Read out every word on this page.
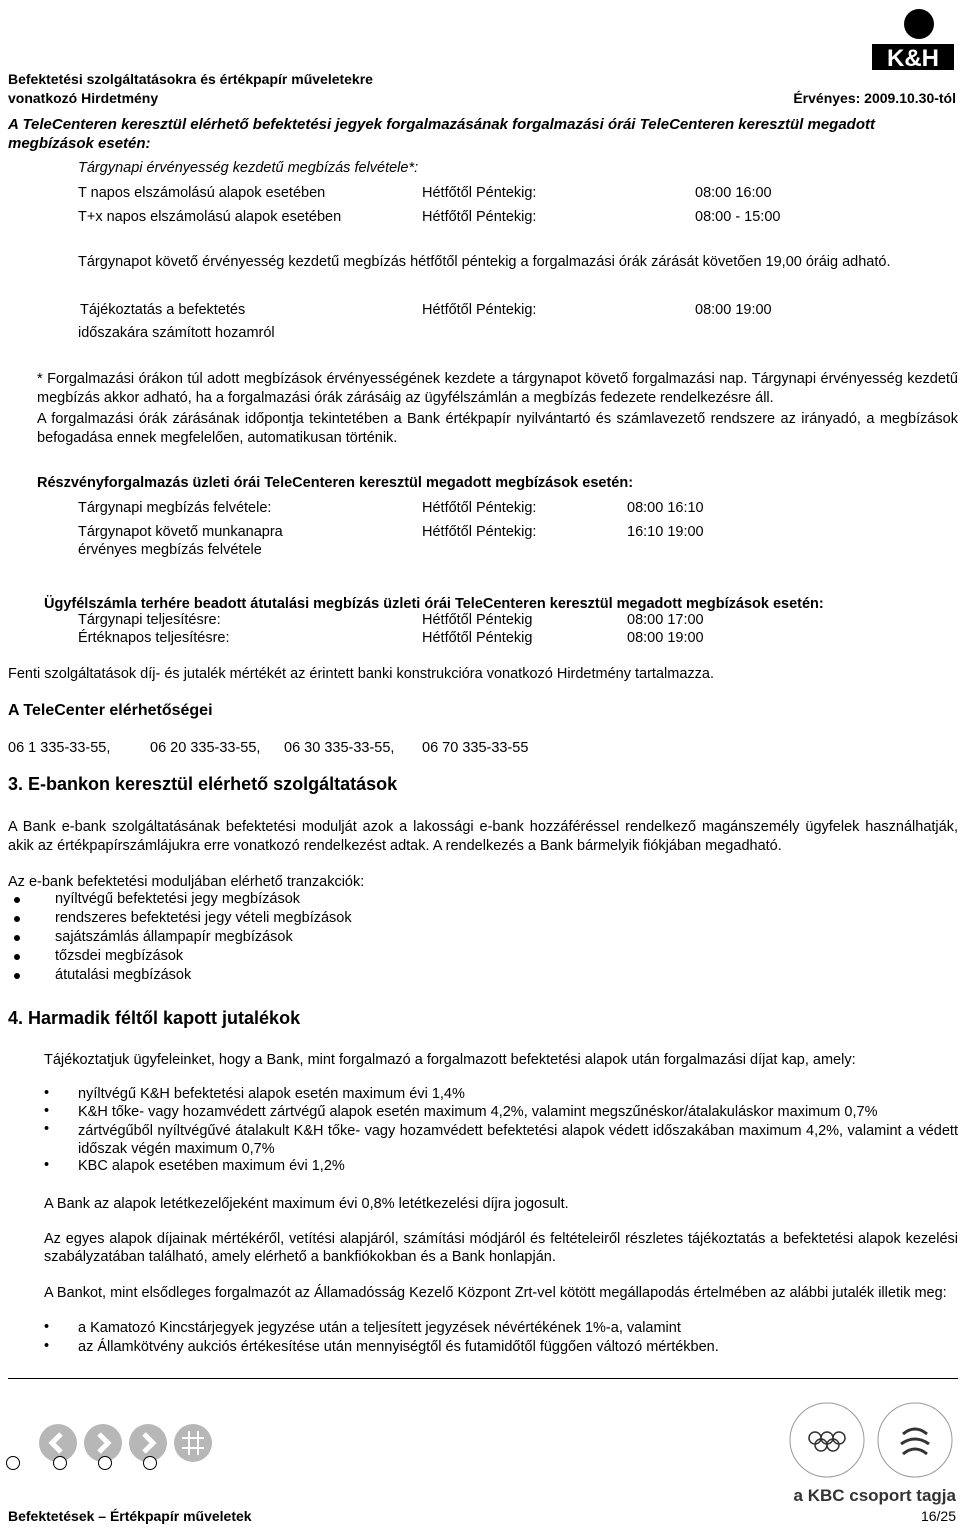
Befektetési szolgáltatásokra és értékpapír műveletekre
vonatkozó Hirdetmény	Érvényes: 2009.10.30-tól
K&H
A TeleCenteren keresztül elérhető befektetési jegyek forgalmazásának forgalmazási órái TeleCenteren keresztül megadott
megbízások esetén:
Tárgynapi érvényesség kezdetű megbízás felvétele*:
T napos elszámolású alapok esetében	Hétfőtől Péntekig:	08:00 16:00
T+x napos elszámolású alapok esetében	Hétfőtől Péntekig:	08:00 - 15:00
Tárgynapot követő érvényesség kezdetű megbízás hétfőtől péntekig a forgalmazási órák zárását követően 19,00 óráig adható.
Tájékoztatás a befektetés
időszakára számított hozamról
Hétfőtől Péntekig:	08:00 19:00
* Forgalmazási órákon túl adott megbízások érvényességének kezdete a tárgynapot követő forgalmazási nap. Tárgynapi érvényesség kezdetű megbízás akkor adható, ha a forgalmazási órák zárásáig az ügyfélszámlán a megbízás fedezete rendelkezésre áll.
A forgalmazási órák zárásának időpontja tekintetében a Bank értékpapír nyilvántartó és számlavezető rendszere az irányadó, a megbízások befogadása ennek megfelelően, automatikusan történik.
Részvényforgalmazás üzleti órái TeleCenteren keresztül megadott megbízások esetén:
Tárgynapi megbízás felvétele:	Hétfőtől Péntekig:	08:00 16:10
Tárgynapot követő munkanapra
érvényes megbízás felvétele
Hétfőtől Péntekig:	16:10 19:00
Ügyfélszámla terhére beadott átutalási megbízás üzleti órái TeleCenteren keresztül megadott megbízások esetén:
Tárgynapi teljesítésre:	Hétfőtől Péntekig	08:00 17:00
Értéknapos teljesítésre:	Hétfőtől Péntekig	08:00 19:00
Fenti szolgáltatások díj- és jutalék mértékét az érintett banki konstrukcióra vonatkozó Hirdetmény tartalmazza.
A TeleCenter elérhetőségei
06 1 335-33-55,	06 20 335-33-55, 06 30 335-33-55, 06 70 335-33-55
3. E-bankon keresztül elérhető szolgáltatások
A Bank e-bank szolgáltatásának befektetési modulját azok a lakossági e-bank hozzáféréssel rendelkező magánszemély ügyfelek használhatják, akik az értékpapírszámlájukra erre vonatkozó rendelkezést adtak. A rendelkezés a Bank bármelyik fiókjában megadható.
Az e-bank befektetési moduljában elérhető tranzakciók:
nyíltvégű befektetési jegy megbízások
rendszeres befektetési jegy vételi megbízások
sajátszámlás állampapír megbízások
tőzsdei megbízások
átutalási megbízások
4. Harmadik féltől kapott jutalékok
Tájékoztatjuk ügyfeleinket, hogy a Bank, mint forgalmazó a forgalmazott befektetési alapok után forgalmazási díjat kap, amely:
• nyíltvégű K&H befektetési alapok esetén maximum évi 1,4%
• K&H tőke- vagy hozamvédett zártvégű alapok esetén maximum 4,2%, valamint megszűnéskor/átalakuláskor maximum 0,7%
• zártvégűből nyíltvégűvé átalakult K&H tőke- vagy hozamvédett befektetési alapok védett időszakában maximum 4,2%, valamint a védett időszak végén maximum 0,7%
• KBC alapok esetében maximum évi 1,2%
A Bank az alapok letétkezelőjeként maximum évi 0,8% letétkezelési díjra jogosult.
Az egyes alapok díjainak mértékéről, vetítési alapjáról, számítási módjáról és feltételeiről részletes tájékoztatás a befektetési alapok kezelési szabályzatában található, amely elérhető a bankfiókokban és a Bank honlapján.
A Bankot, mint elsődleges forgalmazót az Államadósság Kezelő Központ Zrt-vel kötött megállapodás értelmében az alábbi jutalék illetik meg:
• a Kamatozó Kincstárjegyek jegyzése után a teljesített jegyzések névértékének 1%-a, valamint
• az Államkötvény aukciós értékesítése után mennyiségtől és futamidőtől függően változó mértékben.
a KBC csoport tagja
Befektetések – Értékpapír műveletek	16/25
